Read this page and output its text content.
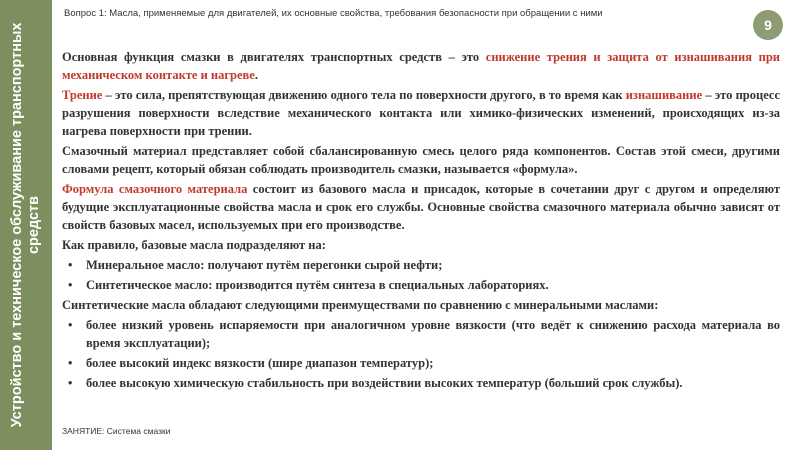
Устройство и техническое обслуживание транспортных средств
Вопрос 1: Масла, применяемые для двигателей, их основные свойства, требования безопасности при обращении с ними
9

Основная функция смазки в двигателях транспортных средств – это снижение трения и защита от изнашивания при механическом контакте и нагреве.

Трение – это сила, препятствующая движению одного тела по поверхности другого, в то время как изнашивание – это процесс разрушения поверхности вследствие механического контакта или химико-физических изменений, происходящих из-за нагрева поверхности при трении.

Смазочный материал представляет собой сбалансированную смесь целого ряда компонентов. Состав этой смеси, другими словами рецепт, который обязан соблюдать производитель смазки, называется «формула».

Формула смазочного материала состоит из базового масла и присадок, которые в сочетании друг с другом и определяют будущие эксплуатационные свойства масла и срок его службы. Основные свойства смазочного материала обычно зависят от свойств базовых масел, используемых при его производстве.

Как правило, базовые масла подразделяют на:

• Минеральное масло: получают путём перегонки сырой нефти;
• Синтетическое масло: производится путём синтеза в специальных лабораториях.

Синтетические масла обладают следующими преимуществами по сравнению с минеральными маслами:

• более низкий уровень испаряемости при аналогичном уровне вязкости (что ведёт к снижению расхода материала во время эксплуатации);
• более высокий индекс вязкости (шире диапазон температур);
• более высокую химическую стабильность при воздействии высоких температур (больший срок службы).
ЗАНЯТИЕ: Система смазки
